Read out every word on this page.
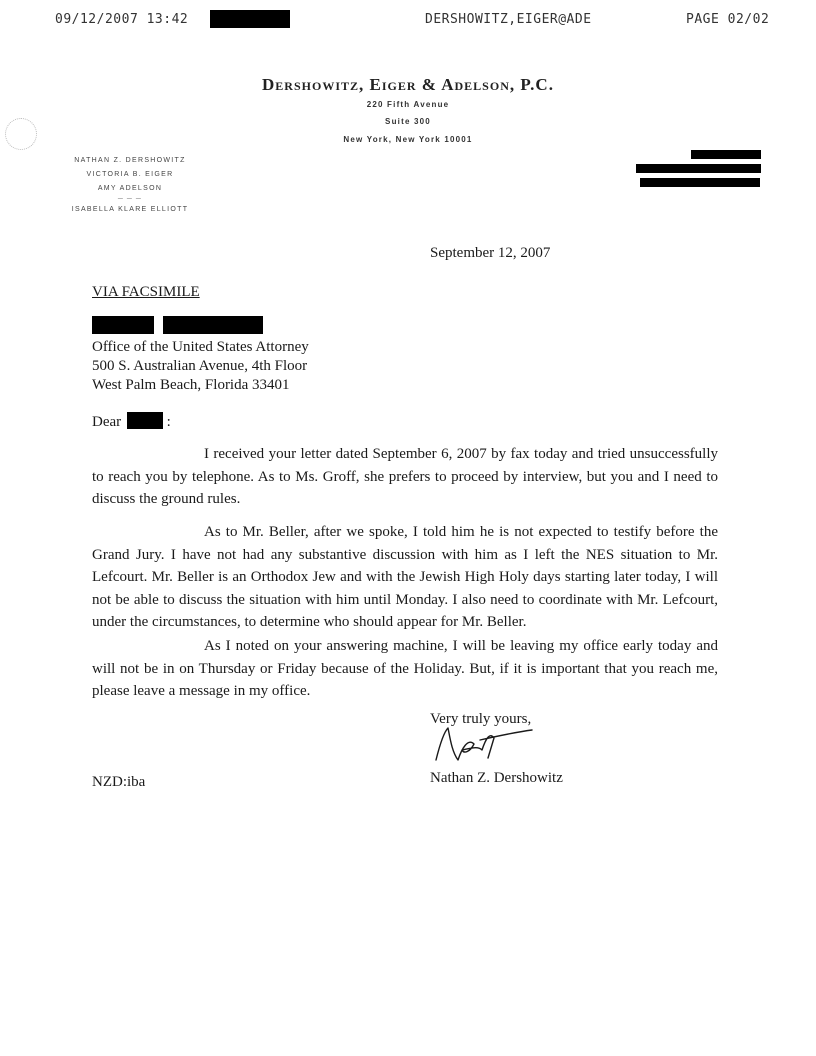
09/12/2007 13:42	DERSHOWITZ,EIGER@ADE	PAGE 02/02
Dershowitz, Eiger & Adelson, P.C.
220 Fifth Avenue
Suite 300
New York, New York 10001
NATHAN Z. DERSHOWITZ
VICTORIA B. EIGER
AMY ADELSON
— — —
ISABELLA KLARE ELLIOTT
September 12, 2007
VIA FACSIMILE
Office of the United States Attorney
500 S. Australian Avenue, 4th Floor
West Palm Beach, Florida 33401
Dear	:

I received your letter dated September 6, 2007 by fax today and tried unsuccessfully to reach you by telephone. As to Ms. Groff, she prefers to proceed by interview, but you and I need to discuss the ground rules.

As to Mr. Beller, after we spoke, I told him he is not expected to testify before the Grand Jury. I have not had any substantive discussion with him as I left the NES situation to Mr. Lefcourt. Mr. Beller is an Orthodox Jew and with the Jewish High Holy days starting later today, I will not be able to discuss the situation with him until Monday. I also need to coordinate with Mr. Lefcourt, under the circumstances, to determine who should appear for Mr. Beller.

As I noted on your answering machine, I will be leaving my office early today and will not be in on Thursday or Friday because of the Holiday. But, if it is important that you reach me, please leave a message in my office.

Very truly yours,
Nathan Z. Dershowitz
NZD:iba
